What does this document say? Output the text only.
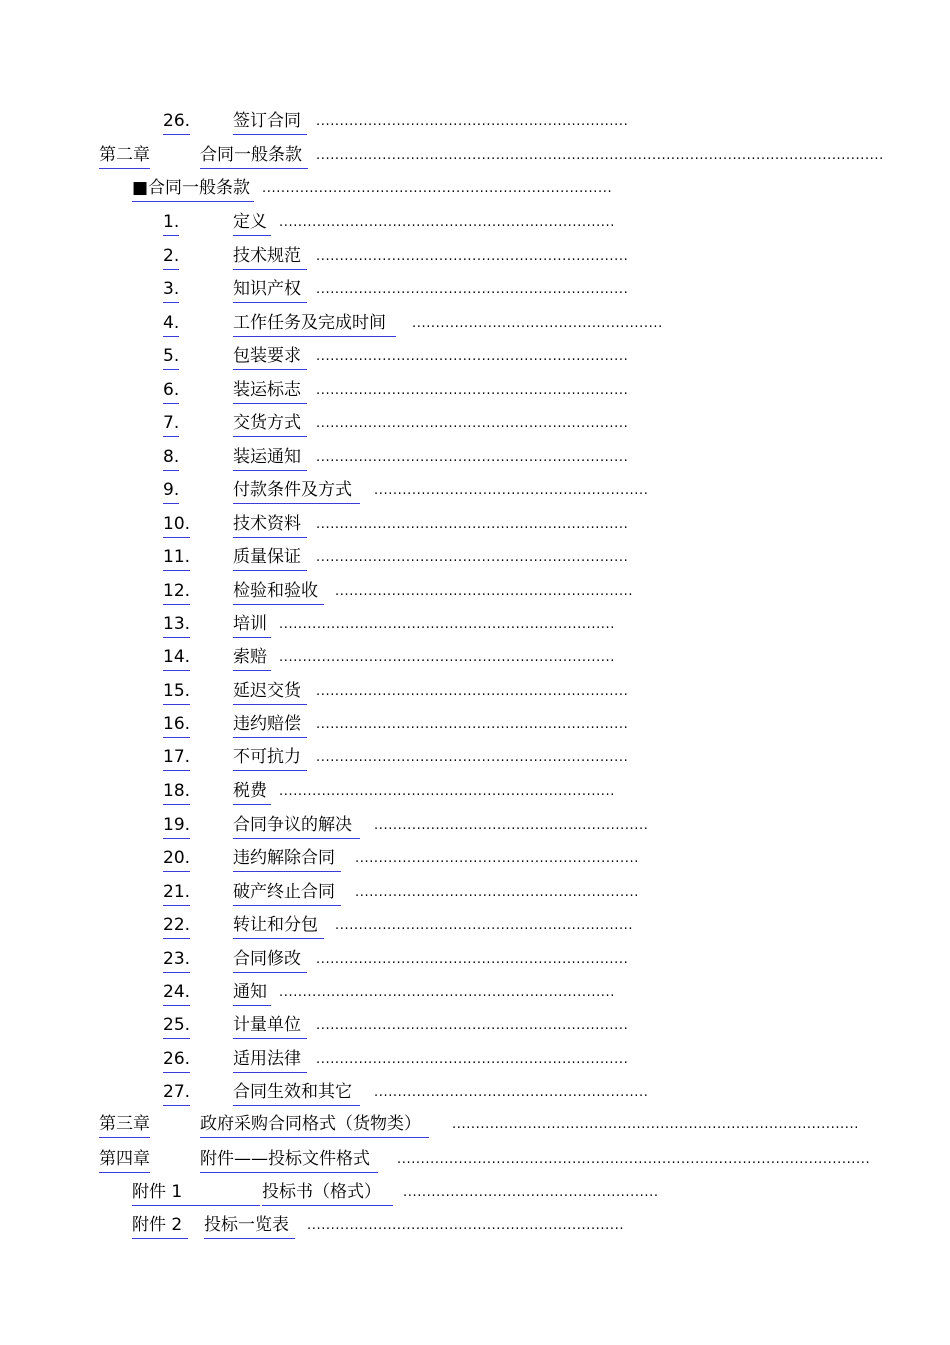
26.	签订合同	..................................................................
第二章	合同一般条款	........................................................................................................................
■合同一般条款 ..........................................................................
1.	定义 .......................................................................
2.	技术规范	..................................................................
3.	知识产权	..................................................................
4.	工作任务及完成时间	.....................................................
5.	包装要求	..................................................................
6.	装运标志	..................................................................
7.	交货方式	..................................................................
8.	装运通知	..................................................................
9.	付款条件及方式	..........................................................
10.	技术资料	..................................................................
11.	质量保证	..................................................................
12.	检验和验收	...............................................................
13.	培训 .......................................................................
14.	索赔 .......................................................................
15.	延迟交货	..................................................................
16.	违约赔偿	..................................................................
17.	不可抗力	..................................................................
18.	税费 .......................................................................
19.	合同争议的解决	..........................................................
20.	违约解除合同	............................................................
21.	破产终止合同	............................................................
22.	转让和分包	...............................................................
23.	合同修改	..................................................................
24.	通知 .......................................................................
25.	计量单位	..................................................................
26.	适用法律	..................................................................
27.	合同生效和其它	..........................................................
第三章	政府采购合同格式（货物类）	......................................................................................
第四章	附件——投标文件格式	....................................................................................................
附件 1	投标书（格式）	......................................................
附件 2	投标一览表	...................................................................
